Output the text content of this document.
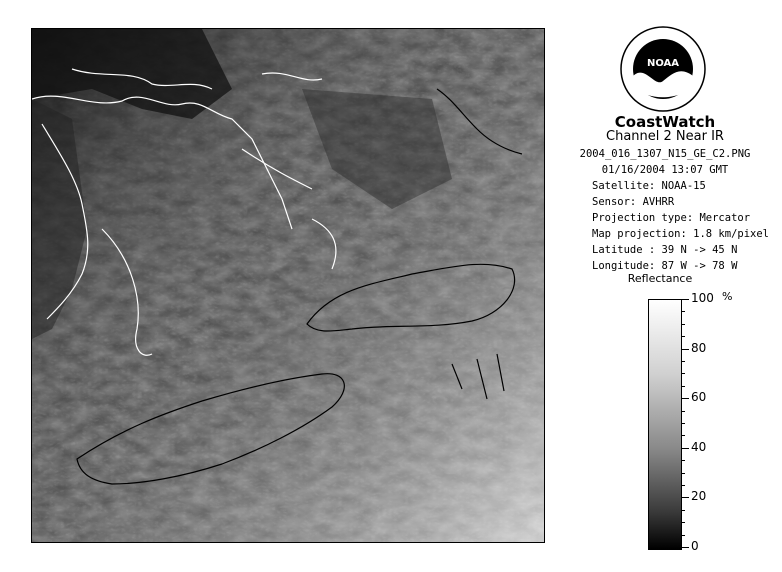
NOAA
CoastWatch
Channel 2 Near IR
2004_016_1307_N15_GE_C2.PNG
01/16/2004 13:07 GMT
Satellite: NOAA-15
Sensor: AVHRR
Projection type: Mercator
Map projection: 1.8 km/pixel
Latitude : 39 N -> 45 N
Longitude: 87 W -> 78 W
Reflectance
%
100
80
60
40
20
0
